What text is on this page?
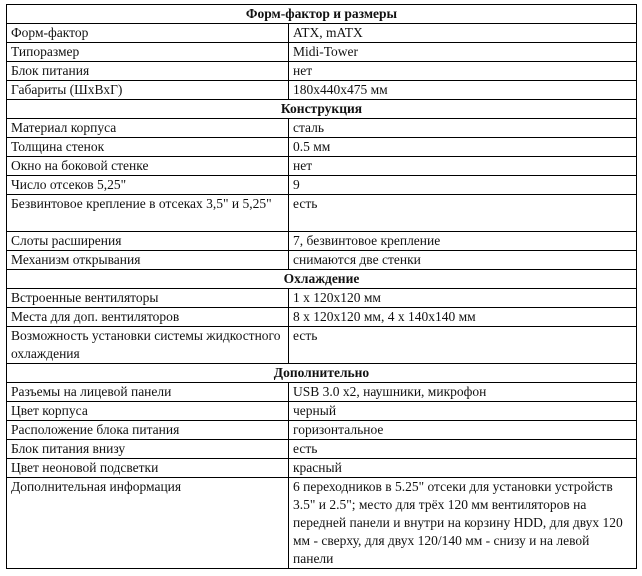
Форм-фактор и размеры	
Форм-фактор	ATX, mATX
Типоразмер	Midi-Tower
Блок питания	нет
Габариты (ШхВхГ)	180x440x475 мм
Конструкция	
Материал корпуса	сталь
Толщина стенок	0.5 мм
Окно на боковой стенке	нет
Число отсеков 5,25"	9
Безвинтовое крепление в отсеках 3,5" и 5,25"	есть
Слоты расширения	7, безвинтовое крепление
Механизм открывания	снимаются две стенки
Охлаждение	
Встроенные вентиляторы	1 x 120x120 мм
Места для доп. вентиляторов	8 x 120x120 мм, 4 x 140x140 мм
Возможность установки системы жидкостного охлаждения	есть
Дополнительно	
Разъемы на лицевой панели	USB 3.0 x2, наушники, микрофон
Цвет корпуса	черный
Расположение блока питания	горизонтальное
Блок питания внизу	есть
Цвет неоновой подсветки	красный
Дополнительная информация	6 переходников в 5.25" отсеки для установки устройств 3.5" и 2.5"; место для трёх 120 мм вентиляторов на передней панели и внутри на корзину HDD, для двух 120 мм - сверху, для двух 120/140 мм - снизу и на левой панели
